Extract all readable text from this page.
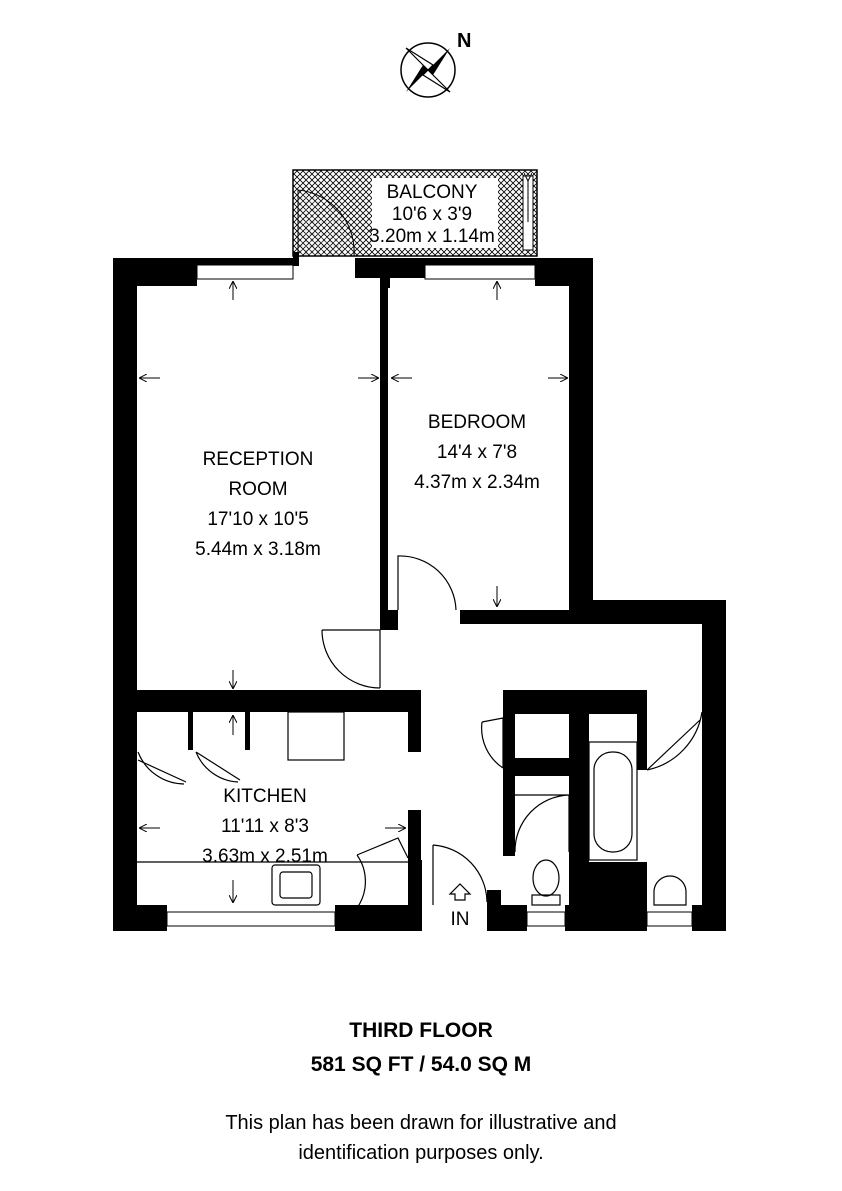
N
BALCONY
10'6 x 3'9
3.20m x 1.14m
IN
RECEPTION
ROOM
17'10 x 10'5
5.44m x 3.18m
BEDROOM
14'4 x 7'8
4.37m x 2.34m
KITCHEN
11'11 x 8'3
3.63m x 2.51m
THIRD FLOOR
581 SQ FT / 54.0 SQ M
This plan has been drawn for illustrative and
identification purposes only.
